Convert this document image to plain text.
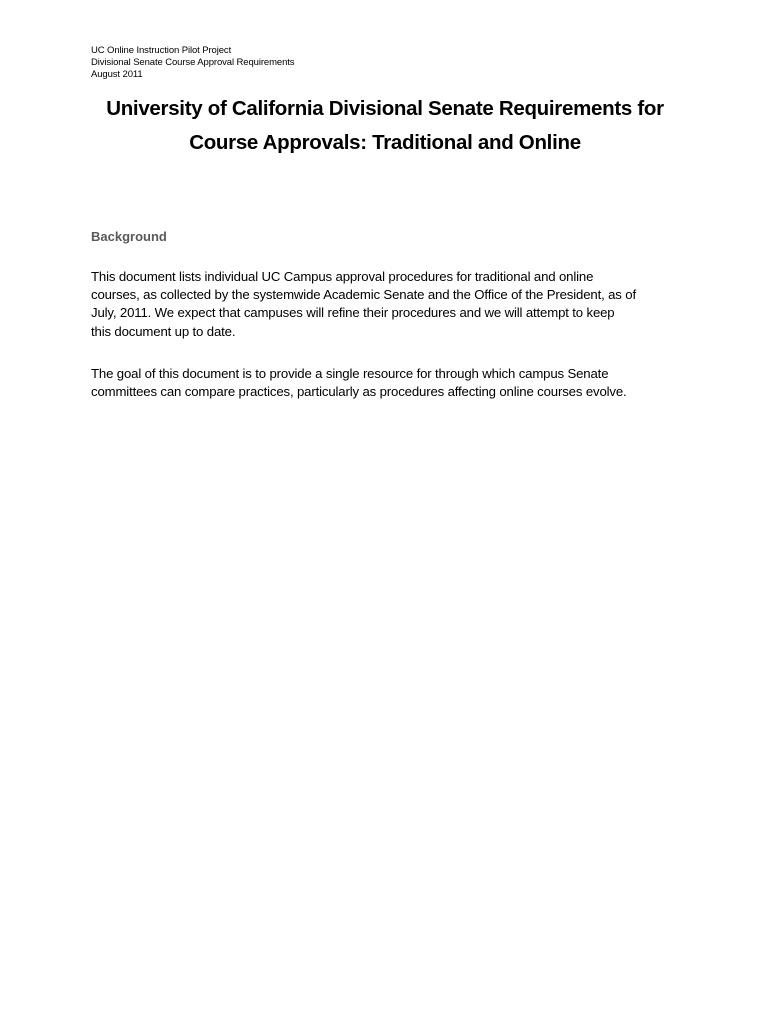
UC Online Instruction Pilot Project
Divisional Senate Course Approval Requirements
August 2011
University of California Divisional Senate Requirements for
Course Approvals: Traditional and Online
Background
This document lists individual UC Campus approval procedures for traditional and online
courses, as collected by the systemwide Academic Senate and the Office of the President, as of
July, 2011. We expect that campuses will refine their procedures and we will attempt to keep
this document up to date.
The goal of this document is to provide a single resource for through which campus Senate
committees can compare practices, particularly as procedures affecting online courses evolve.
